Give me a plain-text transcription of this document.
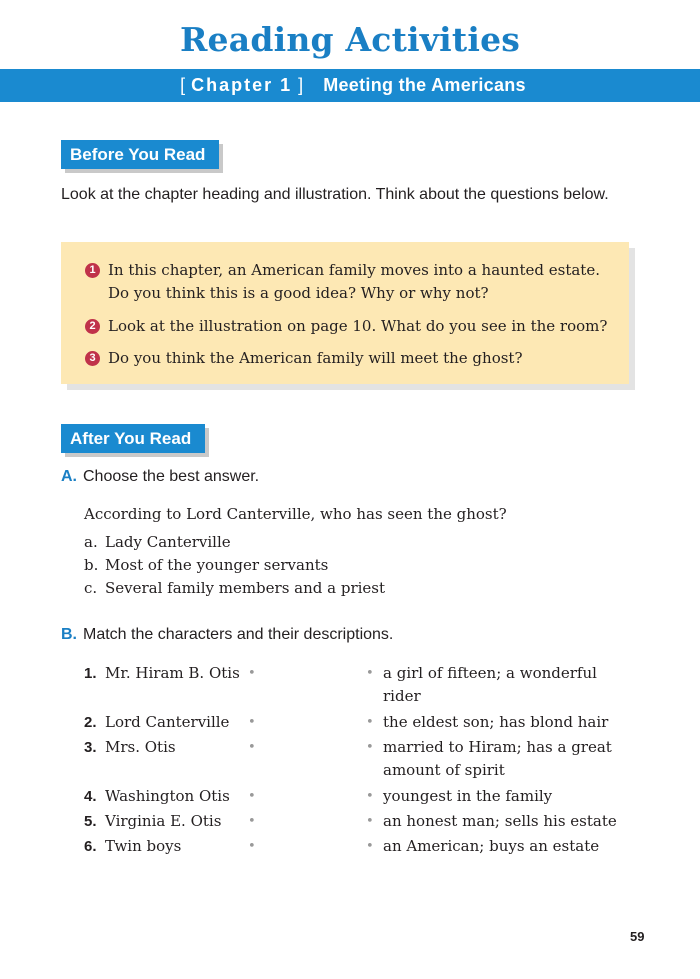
Reading Activities
[ Chapter 1 ]	Meeting the Americans
Before You Read
Look at the chapter heading and illustration. Think about the questions below.
1 In this chapter, an American family moves into a haunted estate. Do you think this is a good idea? Why or why not?
2 Look at the illustration on page 10. What do you see in the room?
3 Do you think the American family will meet the ghost?
After You Read
A. Choose the best answer.
According to Lord Canterville, who has seen the ghost?
a. Lady Canterville
b. Most of the younger servants
c. Several family members and a priest
B. Match the characters and their descriptions.
1. Mr. Hiram B. Otis •	• a girl of fifteen; a wonderful rider
2. Lord Canterville •	• the eldest son; has blond hair
3. Mrs. Otis	•	• married to Hiram; has a great amount of spirit
4. Washington Otis •	• youngest in the family
5. Virginia E. Otis •	• an honest man; sells his estate
6. Twin boys	•	• an American; buys an estate
59
